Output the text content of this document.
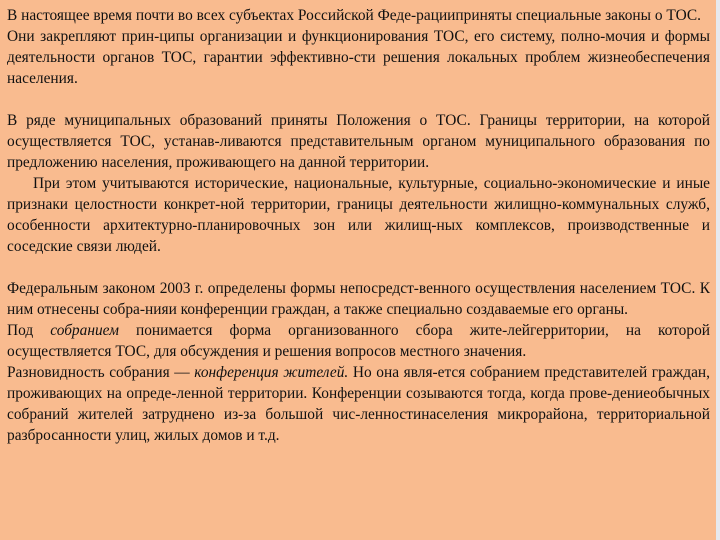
В настоящее время почти во всех субъектах Российской Феде-рацииприняты специальные законы о ТОС.

Они закрепляют прин-ципы организации и функционирования ТОС, его систему, полно-мочия и формы деятельности органов ТОС, гарантии эффективно-сти решения локальных проблем жизнеобеспечения населения.

В ряде муниципальных образований приняты Положения о ТОС. Границы территории, на которой осуществляется ТОС, устанав-ливаются представительным органом муниципального образования по предложению населения, проживающего на данной территории.

При этом учитываются исторические, национальные, культурные, социально-экономические и иные признаки целостности конкрет-ной территории, границы деятельности жилищно-коммунальных служб, особенности архитектурно-планировочных зон или жилищ-ных комплексов, производственные и соседские связи людей.

Федеральным законом 2003 г. определены формы непосредст-венного осуществления населением ТОС. К ним отнесены собра-нияи конференции граждан, а также специально создаваемые его органы.

Под собранием понимается форма организованного сбора жите-лейгерритории, на которой осуществляется ТОС, для обсуждения и решения вопросов местного значения.

Разновидность собрания — конференция жителей. Но она явля-ется собранием представителей граждан, проживающих на опреде-ленной территории. Конференции созываются тогда, когда прове-дениеобычных собраний жителей затруднено из-за большой чис-ленностинаселения микрорайона, территориальной разбросанности улиц, жилых домов и т.д.
